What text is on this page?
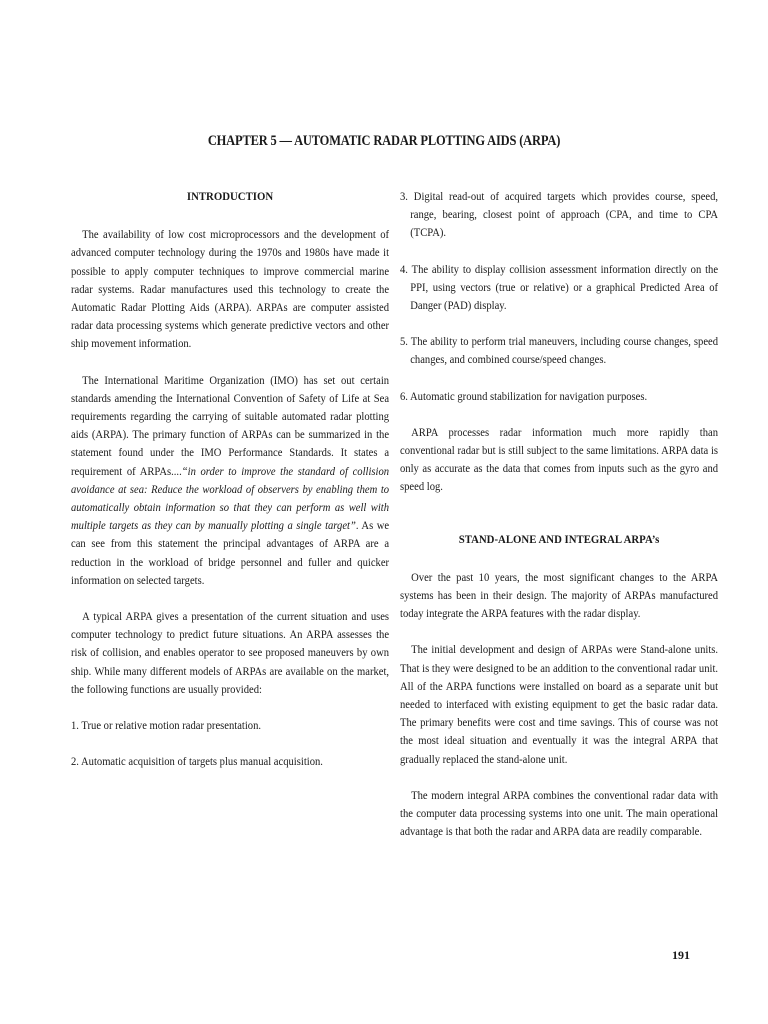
CHAPTER 5 — AUTOMATIC RADAR PLOTTING AIDS (ARPA)
INTRODUCTION

The availability of low cost microprocessors and the development of advanced computer technology during the 1970s and 1980s have made it possible to apply computer techniques to improve commercial marine radar systems. Radar manufactures used this technology to create the Automatic Radar Plotting Aids (ARPA). ARPAs are computer assisted radar data processing systems which generate predictive vectors and other ship movement information.

The International Maritime Organization (IMO) has set out certain standards amending the International Convention of Safety of Life at Sea requirements regarding the carrying of suitable automated radar plotting aids (ARPA). The primary function of ARPAs can be summarized in the statement found under the IMO Performance Standards. It states a requirement of ARPAs....“in order to improve the standard of collision avoidance at sea: Reduce the workload of observers by enabling them to automatically obtain information so that they can perform as well with multiple targets as they can by manually plotting a single target”. As we can see from this statement the principal advantages of ARPA are a reduction in the workload of bridge personnel and fuller and quicker information on selected targets.

A typical ARPA gives a presentation of the current situation and uses computer technology to predict future situations. An ARPA assesses the risk of collision, and enables operator to see proposed maneuvers by own ship. While many different models of ARPAs are available on the market, the following functions are usually provided:

1. True or relative motion radar presentation.

2. Automatic acquisition of targets plus manual acquisition.

3. Digital read-out of acquired targets which provides course, speed, range, bearing, closest point of approach (CPA, and time to CPA (TCPA).

4. The ability to display collision assessment information directly on the PPI, using vectors (true or relative) or a graphical Predicted Area of Danger (PAD) display.

5. The ability to perform trial maneuvers, including course changes, speed changes, and combined course/speed changes.

6. Automatic ground stabilization for navigation purposes.

ARPA processes radar information much more rapidly than conventional radar but is still subject to the same limitations. ARPA data is only as accurate as the data that comes from inputs such as the gyro and speed log.

STAND-ALONE AND INTEGRAL ARPA’s

Over the past 10 years, the most significant changes to the ARPA systems has been in their design. The majority of ARPAs manufactured today integrate the ARPA features with the radar display.

The initial development and design of ARPAs were Stand-alone units. That is they were designed to be an addition to the conventional radar unit. All of the ARPA functions were installed on board as a separate unit but needed to interfaced with existing equipment to get the basic radar data. The primary benefits were cost and time savings. This of course was not the most ideal situation and eventually it was the integral ARPA that gradually replaced the stand-alone unit.

The modern integral ARPA combines the conventional radar data with the computer data processing systems into one unit. The main operational advantage is that both the radar and ARPA data are readily comparable.

191
